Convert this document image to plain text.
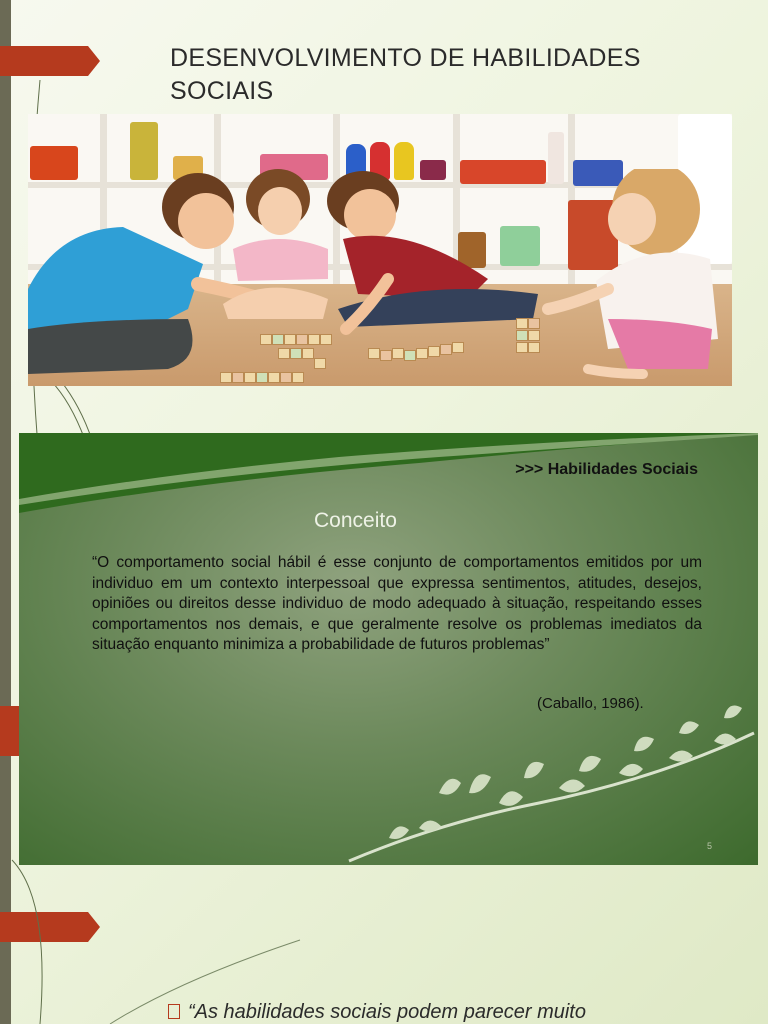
DESENVOLVIMENTO DE HABILIDADES SOCIAIS
>>> Habilidades Sociais
Conceito
“O comportamento social hábil é esse conjunto de comportamentos emitidos por um individuo em um contexto interpessoal que expressa sentimentos, atitudes, desejos, opiniões ou direitos desse individuo de modo adequado à situação, respeitando esses comportamentos nos demais, e que geralmente resolve os problemas imediatos da situação enquanto minimiza a probabilidade de futuros problemas”
(Caballo, 1986).
5
“As habilidades sociais podem parecer muito
